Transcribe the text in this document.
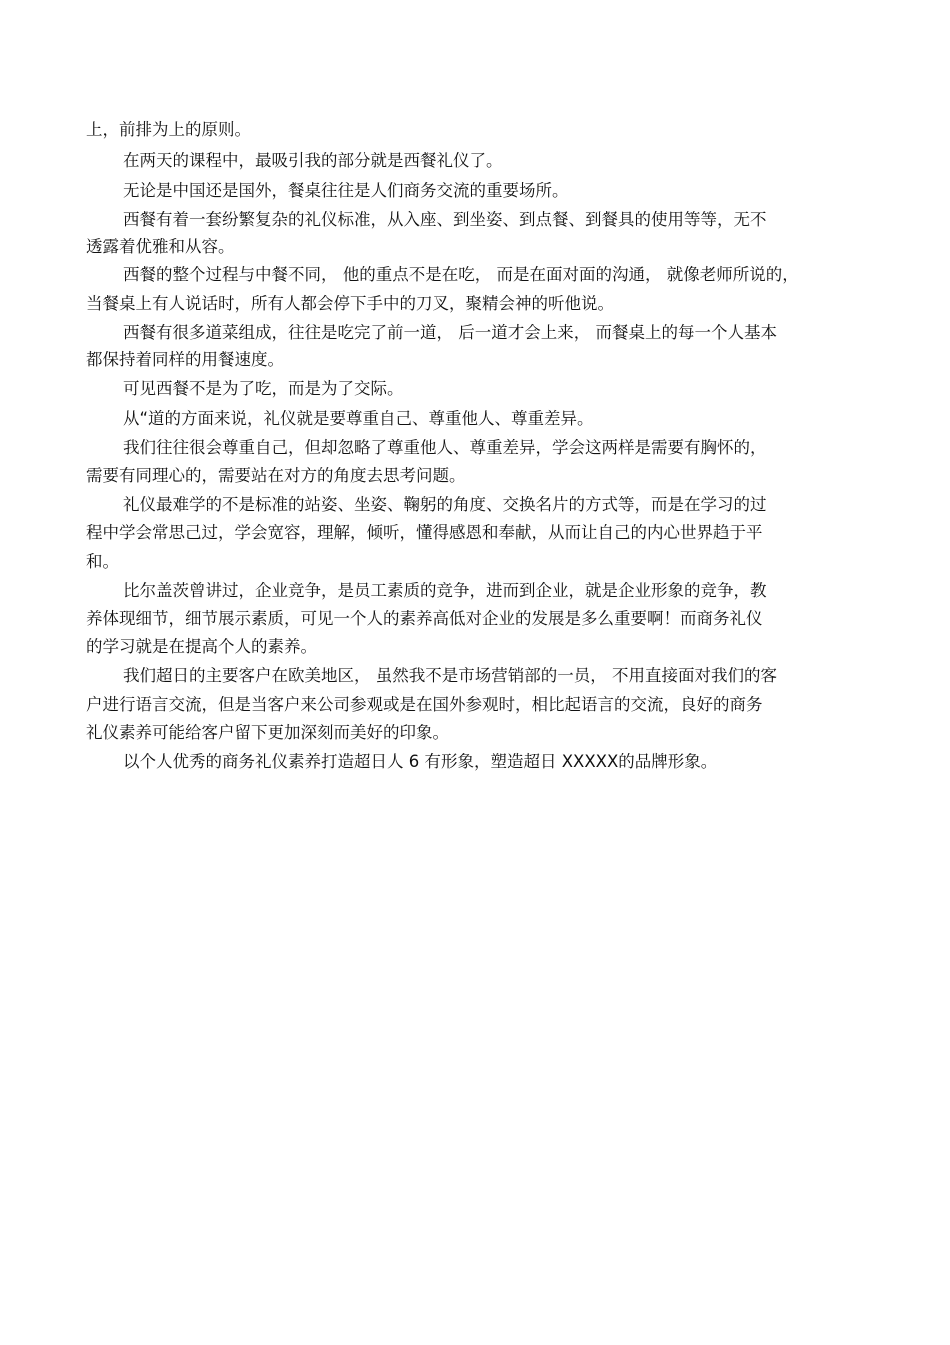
上，前排为上的原则。
在两天的课程中，最吸引我的部分就是西餐礼仪了。
无论是中国还是国外，餐桌往往是人们商务交流的重要场所。
西餐有着一套纷繁复杂的礼仪标准，从入座、到坐姿、到点餐、到餐具的使用等等，无不
透露着优雅和从容。
西餐的整个过程与中餐不同， 他的重点不是在吃， 而是在面对面的沟通， 就像老师所说的，
当餐桌上有人说话时，所有人都会停下手中的刀叉，聚精会神的听他说。
西餐有很多道菜组成，往往是吃完了前一道， 后一道才会上来， 而餐桌上的每一个人基本
都保持着同样的用餐速度。
可见西餐不是为了吃，而是为了交际。
从“道的方面来说，礼仪就是要尊重自己、尊重他人、尊重差异。
我们往往很会尊重自己，但却忽略了尊重他人、尊重差异，学会这两样是需要有胸怀的，
需要有同理心的，需要站在对方的角度去思考问题。
礼仪最难学的不是标准的站姿、坐姿、鞠躬的角度、交换名片的方式等，而是在学习的过
程中学会常思己过，学会宽容，理解，倾听，懂得感恩和奉献，从而让自己的内心世界趋于平
和。
比尔盖茨曾讲过，企业竞争，是员工素质的竞争，进而到企业，就是企业形象的竞争，教
养体现细节，细节展示素质，可见一个人的素养高低对企业的发展是多么重要啊！而商务礼仪
的学习就是在提高个人的素养。
我们超日的主要客户在欧美地区， 虽然我不是市场营销部的一员， 不用直接面对我们的客
户进行语言交流，但是当客户来公司参观或是在国外参观时，相比起语言的交流，良好的商务
礼仪素养可能给客户留下更加深刻而美好的印象。
以个人优秀的商务礼仪素养打造超日人 6 有形象，塑造超日 XXXXX的品牌形象。
